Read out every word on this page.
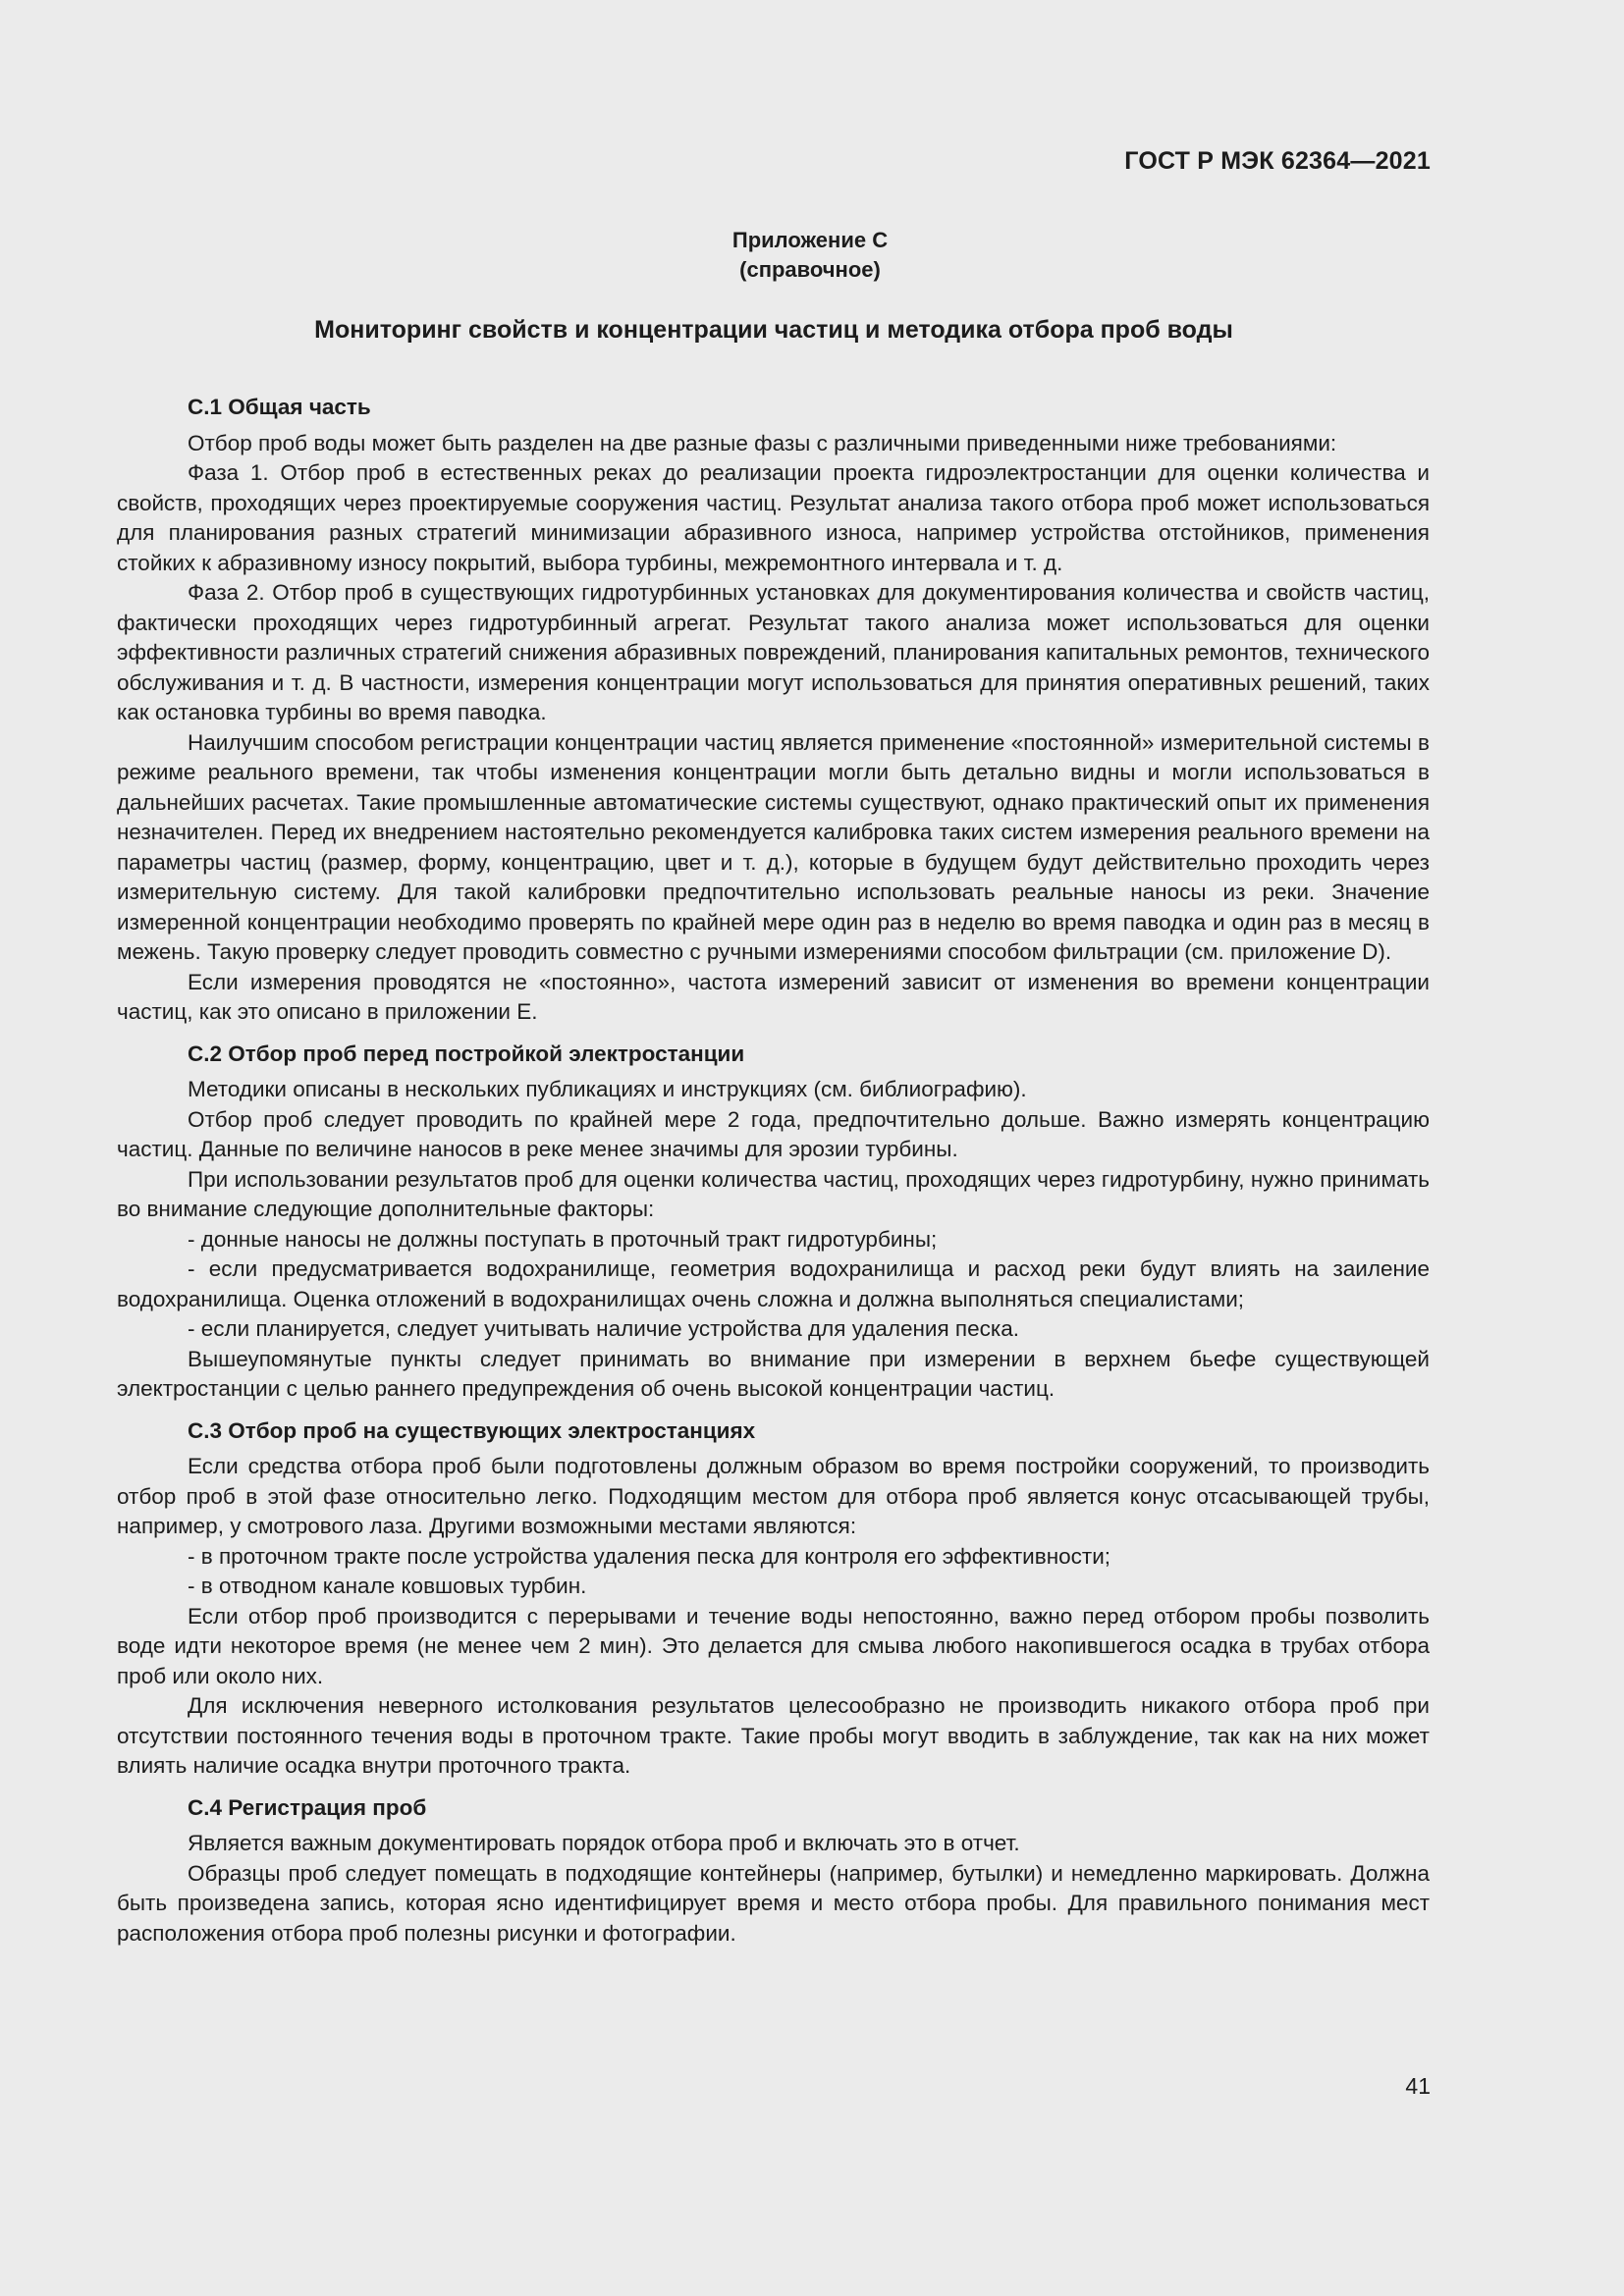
ГОСТ Р МЭК 62364—2021
Приложение С
(справочное)
Мониторинг свойств и концентрации частиц и методика отбора проб воды
С.1 Общая часть

Отбор проб воды может быть разделен на две разные фазы с различными приведенными ниже требованиями:

Фаза 1. Отбор проб в естественных реках до реализации проекта гидроэлектростанции для оценки количества и свойств, проходящих через проектируемые сооружения частиц. Результат анализа такого отбора проб может использоваться для планирования разных стратегий минимизации абразивного износа, например устройства отстойников, применения стойких к абразивному износу покрытий, выбора турбины, межремонтного интервала и т. д.

Фаза 2. Отбор проб в существующих гидротурбинных установках для документирования количества и свойств частиц, фактически проходящих через гидротурбинный агрегат. Результат такого анализа может использоваться для оценки эффективности различных стратегий снижения абразивных повреждений, планирования капитальных ремонтов, технического обслуживания и т. д. В частности, измерения концентрации могут использоваться для принятия оперативных решений, таких как остановка турбины во время паводка.

Наилучшим способом регистрации концентрации частиц является применение «постоянной» измерительной системы в режиме реального времени, так чтобы изменения концентрации могли быть детально видны и могли использоваться в дальнейших расчетах. Такие промышленные автоматические системы существуют, однако практический опыт их применения незначителен. Перед их внедрением настоятельно рекомендуется калибровка таких систем измерения реального времени на параметры частиц (размер, форму, концентрацию, цвет и т. д.), которые в будущем будут действительно проходить через измерительную систему. Для такой калибровки предпочтительно использовать реальные наносы из реки. Значение измеренной концентрации необходимо проверять по крайней мере один раз в неделю во время паводка и один раз в месяц в межень. Такую проверку следует проводить совместно с ручными измерениями способом фильтрации (см. приложение D).

Если измерения проводятся не «постоянно», частота измерений зависит от изменения во времени концентрации частиц, как это описано в приложении Е.

С.2 Отбор проб перед постройкой электростанции

Методики описаны в нескольких публикациях и инструкциях (см. библиографию).

Отбор проб следует проводить по крайней мере 2 года, предпочтительно дольше. Важно измерять концентрацию частиц. Данные по величине наносов в реке менее значимы для эрозии турбины.

При использовании результатов проб для оценки количества частиц, проходящих через гидротурбину, нужно принимать во внимание следующие дополнительные факторы:

- донные наносы не должны поступать в проточный тракт гидротурбины;

- если предусматривается водохранилище, геометрия водохранилища и расход реки будут влиять на заиление водохранилища. Оценка отложений в водохранилищах очень сложна и должна выполняться специалистами;

- если планируется, следует учитывать наличие устройства для удаления песка.

Вышеупомянутые пункты следует принимать во внимание при измерении в верхнем бьефе существующей электростанции с целью раннего предупреждения об очень высокой концентрации частиц.

С.3 Отбор проб на существующих электростанциях

Если средства отбора проб были подготовлены должным образом во время постройки сооружений, то производить отбор проб в этой фазе относительно легко. Подходящим местом для отбора проб является конус отсасывающей трубы, например, у смотрового лаза. Другими возможными местами являются:

- в проточном тракте после устройства удаления песка для контроля его эффективности;

- в отводном канале ковшовых турбин.

Если отбор проб производится с перерывами и течение воды непостоянно, важно перед отбором пробы позволить воде идти некоторое время (не менее чем 2 мин). Это делается для смыва любого накопившегося осадка в трубах отбора проб или около них.

Для исключения неверного истолкования результатов целесообразно не производить никакого отбора проб при отсутствии постоянного течения воды в проточном тракте. Такие пробы могут вводить в заблуждение, так как на них может влиять наличие осадка внутри проточного тракта.

С.4 Регистрация проб

Является важным документировать порядок отбора проб и включать это в отчет.

Образцы проб следует помещать в подходящие контейнеры (например, бутылки) и немедленно маркировать. Должна быть произведена запись, которая ясно идентифицирует время и место отбора пробы. Для правильного понимания мест расположения отбора проб полезны рисунки и фотографии.

41
